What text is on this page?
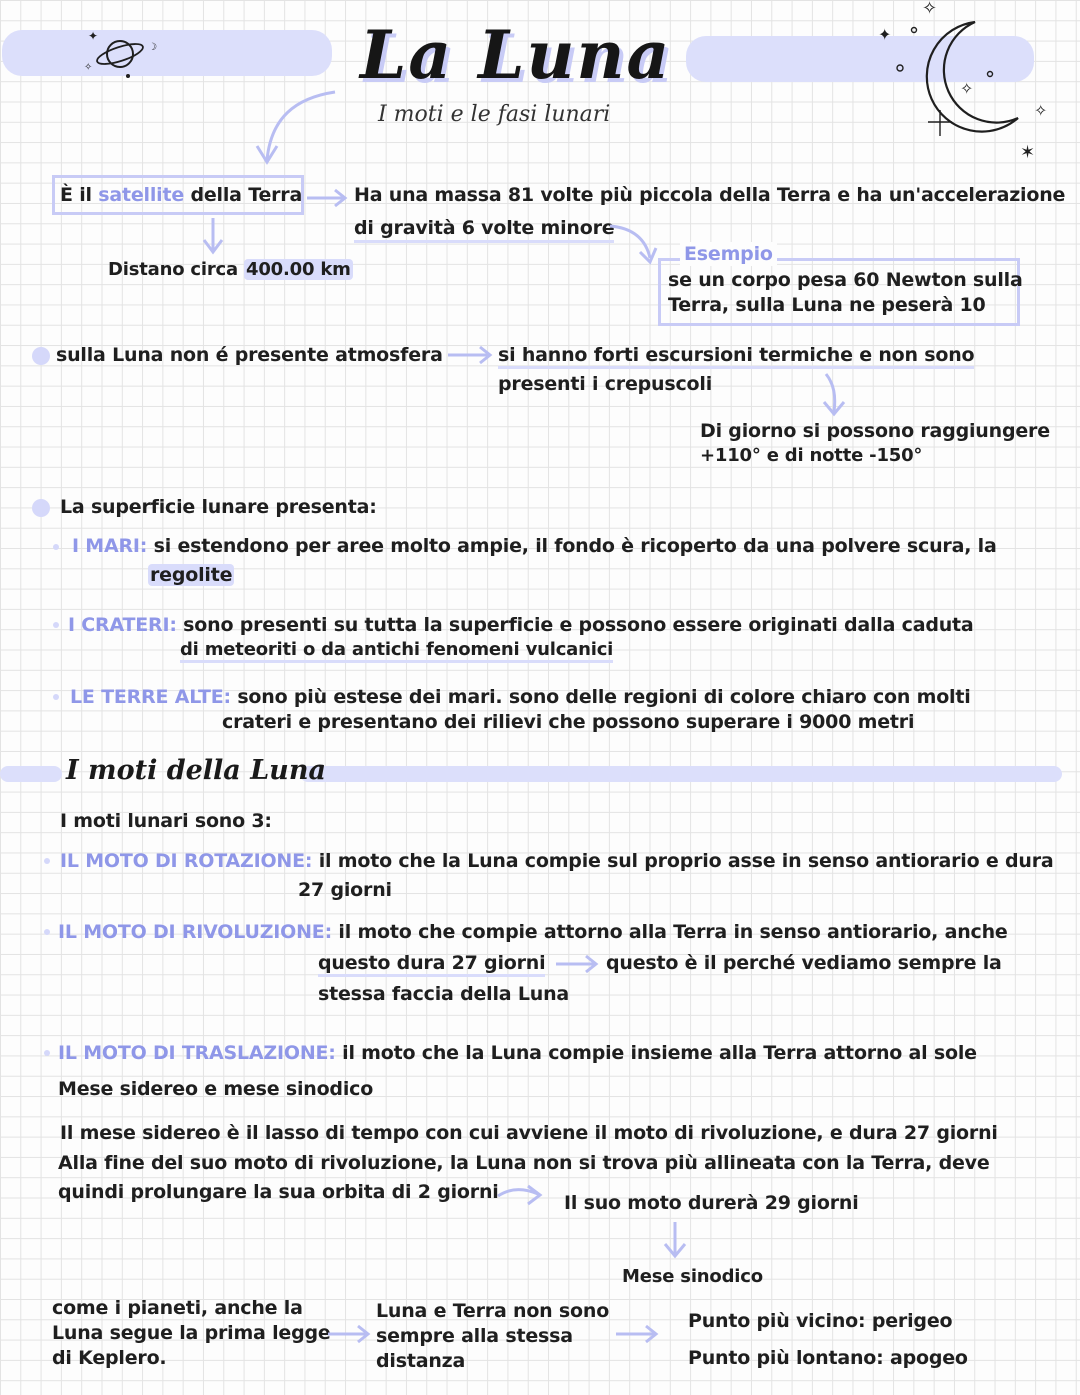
✦
✧
☽	La Luna
I moti e le fasi lunari
✦
✧
✧
✧
✶
È il satellite della Terra	Ha una massa 81 volte più piccola della Terra e ha un'accelerazione
di gravità 6 volte minore
Distano circa 400.00 km
Esempio
se un corpo pesa 60 Newton sulla
Terra, sulla Luna ne peserà 10
sulla Luna non é presente atmosfera	si hanno forti escursioni termiche e non sono
presenti i crepuscoli
Di giorno si possono raggiungere
+110° e di notte -150°
La superficie lunare presenta:
I MARI: si estendono per aree molto ampie, il fondo è ricoperto da una polvere scura, la
regolite
I CRATERI: sono presenti su tutta la superficie e possono essere originati dalla caduta
di meteoriti o da antichi fenomeni vulcanici
LE TERRE ALTE: sono più estese dei mari. sono delle regioni di colore chiaro con molti
crateri e presentano dei rilievi che possono superare i 9000 metri
I moti della Luna
I moti lunari sono 3:
IL MOTO DI ROTAZIONE: il moto che la Luna compie sul proprio asse in senso antiorario e dura
27 giorni
IL MOTO DI RIVOLUZIONE: il moto che compie attorno alla Terra in senso antiorario, anche
questo dura 27 giorni	questo è il perché vediamo sempre la
stessa faccia della Luna
IL MOTO DI TRASLAZIONE: il moto che la Luna compie insieme alla Terra attorno al sole
Mese sidereo e mese sinodico
Il mese sidereo è il lasso di tempo con cui avviene il moto di rivoluzione, e dura 27 giorni
Alla fine del suo moto di rivoluzione, la Luna non si trova più allineata con la Terra, deve
quindi prolungare la sua orbita di 2 giorni	Il suo moto durerà 29 giorni
Mese sinodico
come i pianeti, anche la
Luna segue la prima legge
di Keplero.
Luna e Terra non sono
sempre alla stessa
distanza
Punto più vicino: perigeo
Punto più lontano: apogeo
